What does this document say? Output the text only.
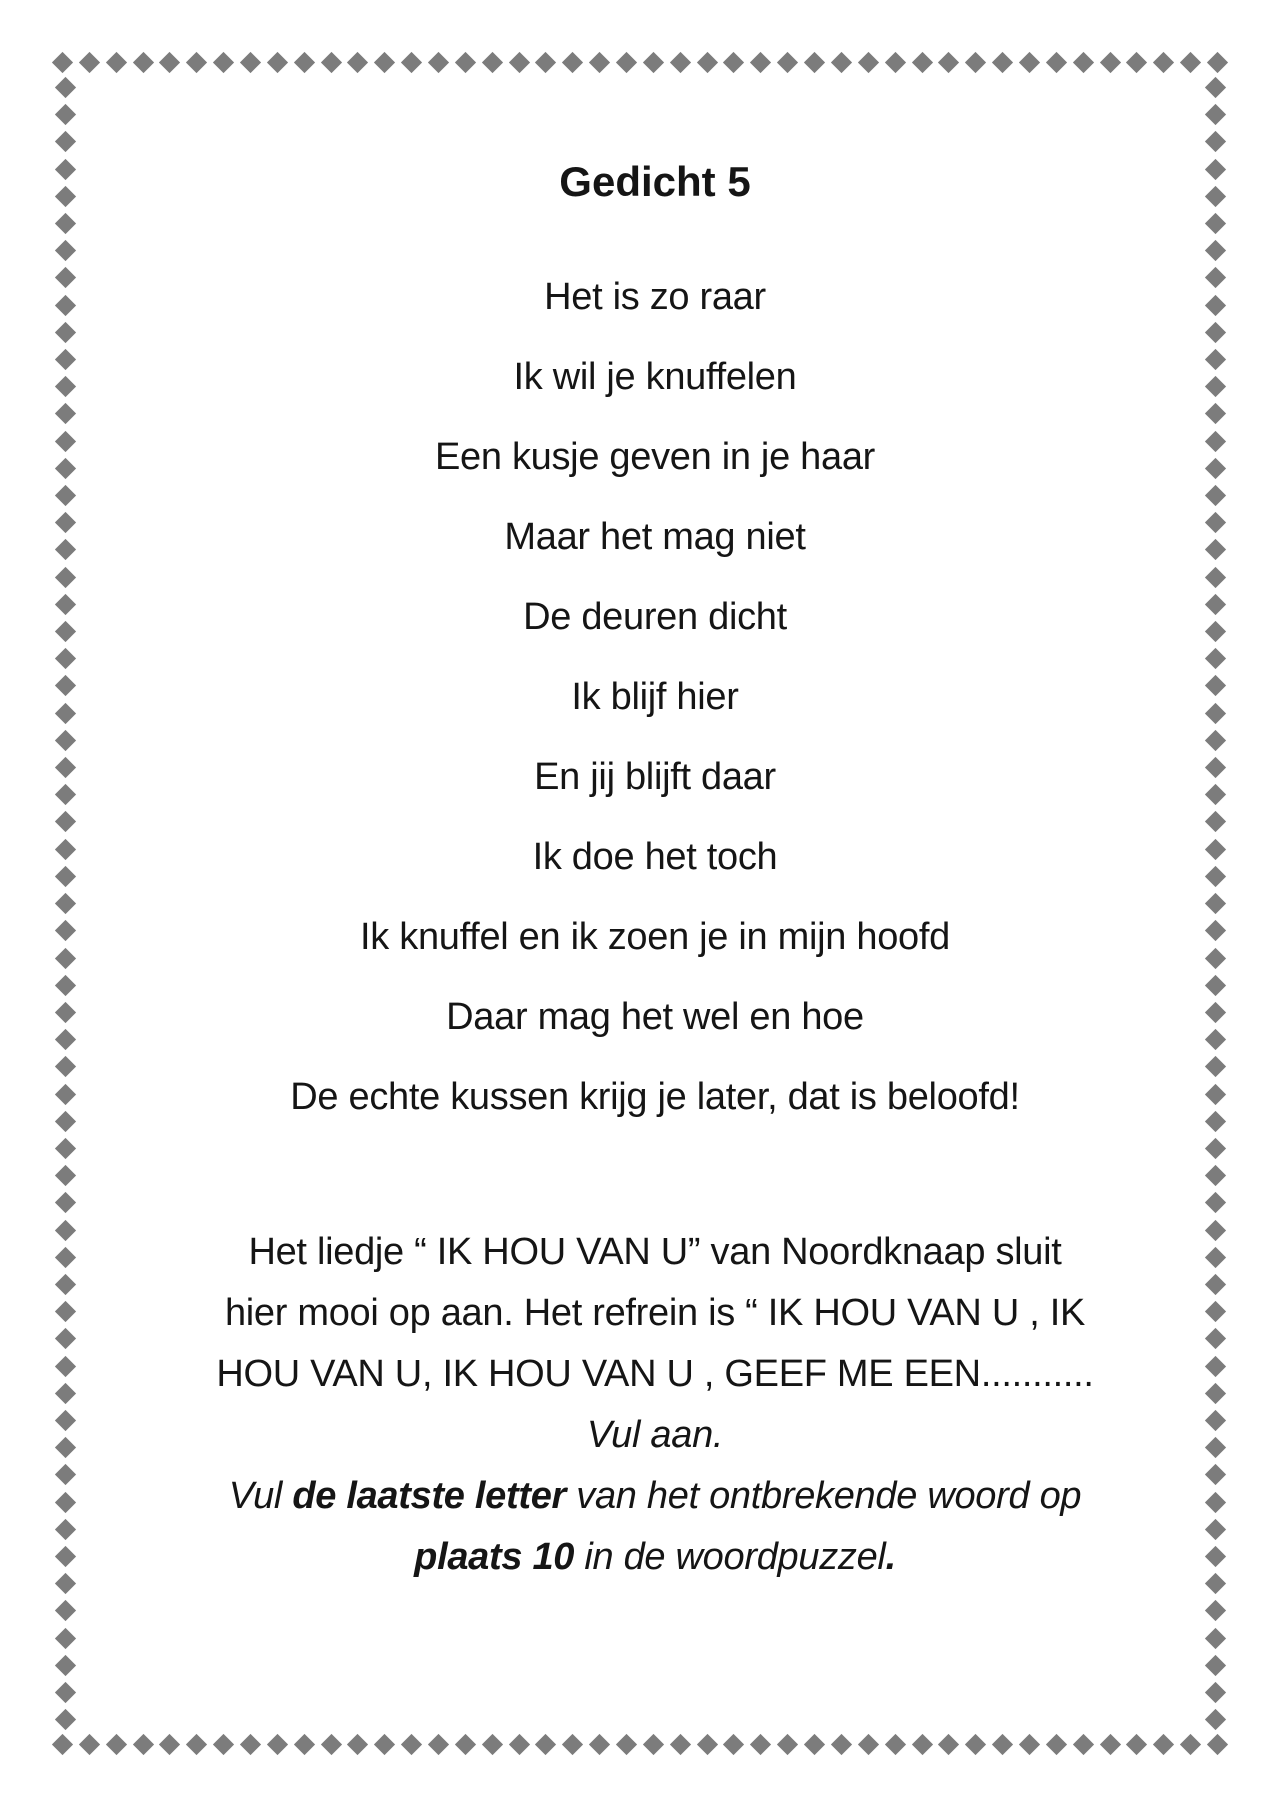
Gedicht 5
Het is zo raar
Ik wil je knuffelen
Een kusje geven in je haar
Maar het mag niet
De deuren dicht
Ik blijf hier
En jij blijft daar
Ik doe het toch
Ik knuffel en ik zoen je in mijn hoofd
Daar mag het wel en hoe
De echte kussen krijg je later, dat is beloofd!
Het liedje “ IK HOU VAN U” van Noordknaap sluit
hier mooi op aan. Het refrein is “ IK HOU VAN U , IK
HOU VAN U, IK HOU VAN U , GEEF ME EEN...........
Vul aan.
Vul de laatste letter van het ontbrekende woord op
plaats 10 in de woordpuzzel.
